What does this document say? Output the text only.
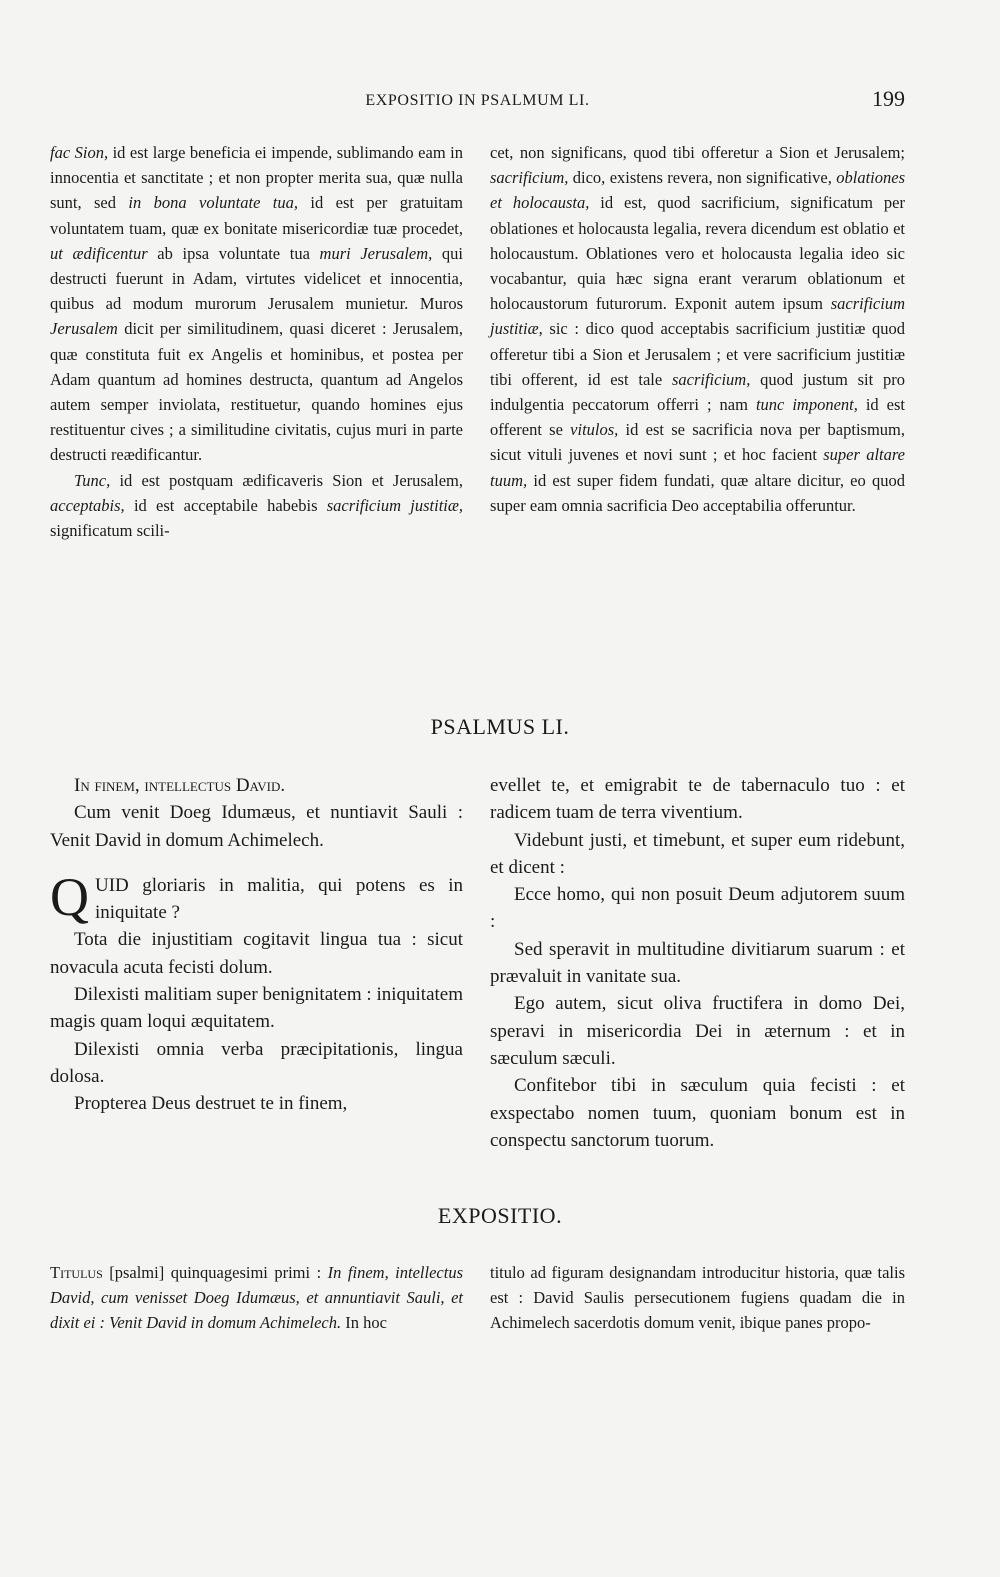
EXPOSITIO IN PSALMUM LI.	199

fac Sion, id est large beneficia ei impende, sublimando eam in innocentia et sanctitate ; et non propter merita sua, quæ nulla sunt, sed in bona voluntate tua, id est per gratuitam voluntatem tuam, quæ ex bonitate misericordiæ tuæ procedet, ut ædificentur ab ipsa voluntate tua muri Jerusalem, qui destructi fuerunt in Adam, virtutes videlicet et innocentia, quibus ad modum murorum Jerusalem munietur. Muros Jerusalem dicit per similitudinem, quasi diceret : Jerusalem, quæ constituta fuit ex Angelis et hominibus, et postea per Adam quantum ad homines destructa, quantum ad Angelos autem semper inviolata, restituetur, quando homines ejus restituentur cives ; a similitudine civitatis, cujus muri in parte destructi reædificantur.

Tunc, id est postquam ædificaveris Sion et Jerusalem, acceptabis, id est acceptabile habebis sacrificium justitiæ, significatum scili-

cet, non significans, quod tibi offeretur a Sion et Jerusalem; sacrificium, dico, existens revera, non significative, oblationes et holocausta, id est, quod sacrificium, significatum per oblationes et holocausta legalia, revera dicendum est oblatio et holocaustum. Oblationes vero et holocausta legalia ideo sic vocabantur, quia hæc signa erant verarum oblationum et holocaustorum futurorum. Exponit autem ipsum sacrificium justitiæ, sic : dico quod acceptabis sacrificium justitiæ quod offeretur tibi a Sion et Jerusalem ; et vere sacrificium justitiæ tibi offerent, id est tale sacrificium, quod justum sit pro indulgentia peccatorum offerri ; nam tunc imponent, id est offerent se vitulos, id est se sacrificia nova per baptismum, sicut vituli juvenes et novi sunt ; et hoc facient super altare tuum, id est super fidem fundati, quæ altare dicitur, eo quod super eam omnia sacrificia Deo acceptabilia offeruntur.

PSALMUS LI.

In finem, intellectus David.

Cum venit Doeg Idumæus, et nuntiavit Sauli : Venit David in domum Achimelech.

QUID gloriaris in malitia, qui potens es in iniquitate ?

Tota die injustitiam cogitavit lingua tua : sicut novacula acuta fecisti dolum.

Dilexisti malitiam super benignitatem : iniquitatem magis quam loqui æquitatem.

Dilexisti omnia verba præcipitationis, lingua dolosa.

Propterea Deus destruet te in finem,

evellet te, et emigrabit te de tabernaculo tuo : et radicem tuam de terra viventium.

Videbunt justi, et timebunt, et super eum ridebunt, et dicent :

Ecce homo, qui non posuit Deum adjutorem suum :

Sed speravit in multitudine divitiarum suarum : et prævaluit in vanitate sua.

Ego autem, sicut oliva fructifera in domo Dei, speravi in misericordia Dei in æternum : et in sæculum sæculi.

Confitebor tibi in sæculum quia fecisti : et exspectabo nomen tuum, quoniam bonum est in conspectu sanctorum tuorum.

EXPOSITIO.

Titulus [psalmi] quinquagesimi primi : In finem, intellectus David, cum venisset Doeg Idumæus, et annuntiavit Sauli, et dixit ei : Venit David in domum Achimelech. In hoc

titulo ad figuram designandam introducitur historia, quæ talis est : David Saulis persecutionem fugiens quadam die in Achimelech sacerdotis domum venit, ibique panes propo-
